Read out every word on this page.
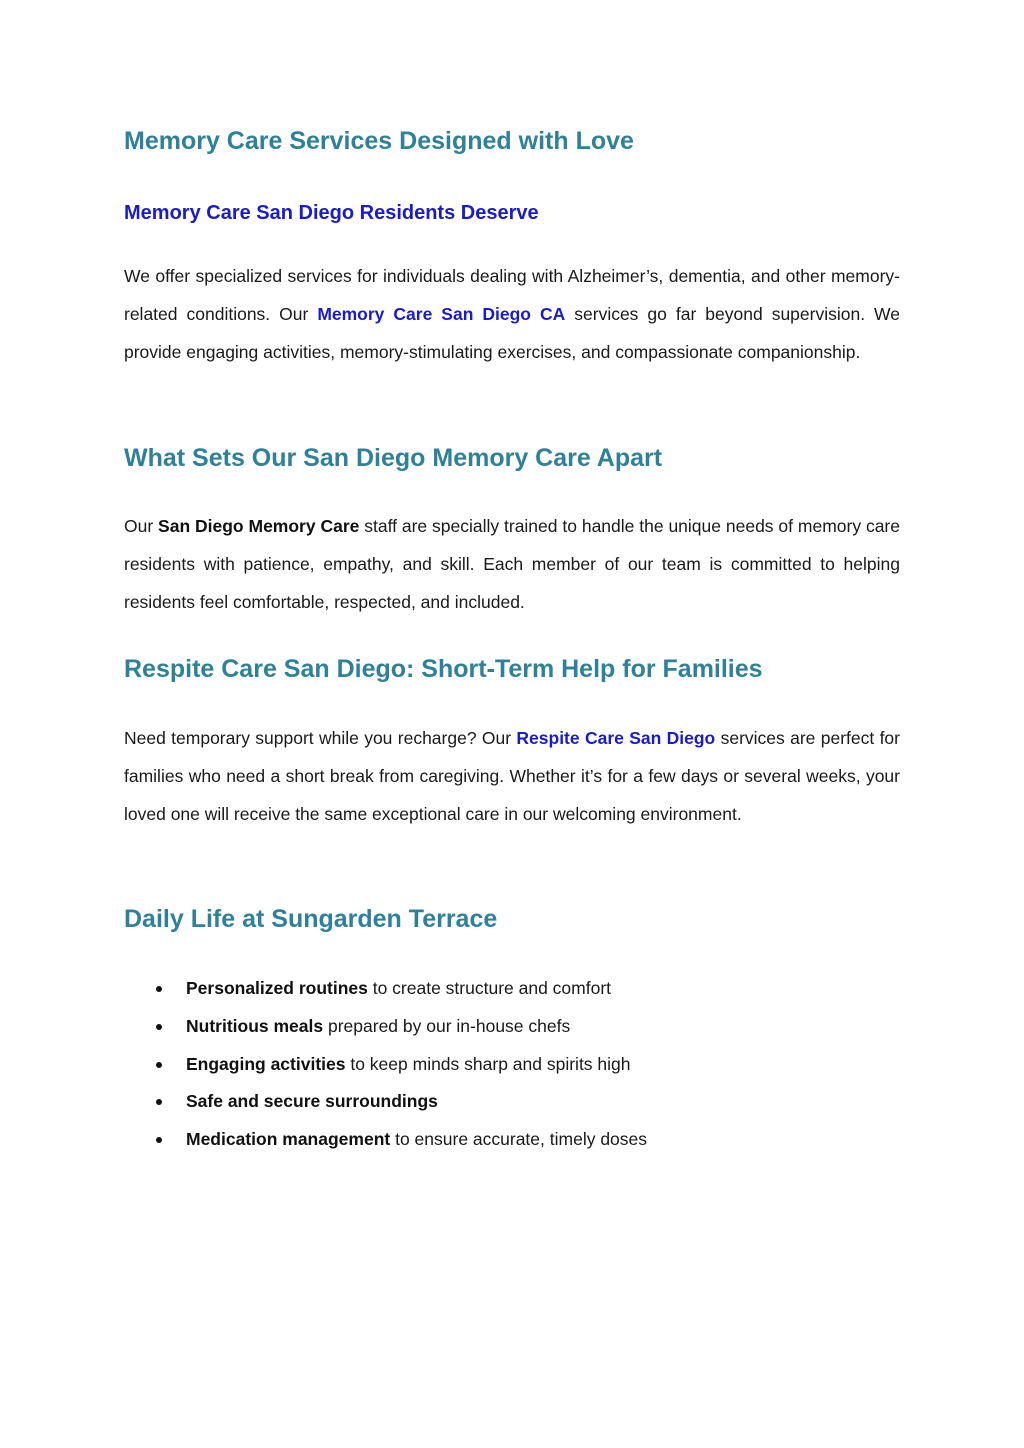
Memory Care Services Designed with Love
Memory Care San Diego Residents Deserve

We offer specialized services for individuals dealing with Alzheimer’s, dementia, and other memory-related conditions. Our Memory Care San Diego CA services go far beyond supervision. We provide engaging activities, memory-stimulating exercises, and compassionate companionship.

What Sets Our San Diego Memory Care Apart

Our San Diego Memory Care staff are specially trained to handle the unique needs of memory care residents with patience, empathy, and skill. Each member of our team is committed to helping residents feel comfortable, respected, and included.

Respite Care San Diego: Short-Term Help for Families

Need temporary support while you recharge? Our Respite Care San Diego services are perfect for families who need a short break from caregiving. Whether it’s for a few days or several weeks, your loved one will receive the same exceptional care in our welcoming environment.

Daily Life at Sungarden Terrace
Personalized routines to create structure and comfort
Nutritious meals prepared by our in-house chefs
Engaging activities to keep minds sharp and spirits high
Safe and secure surroundings
Medication management to ensure accurate, timely doses
